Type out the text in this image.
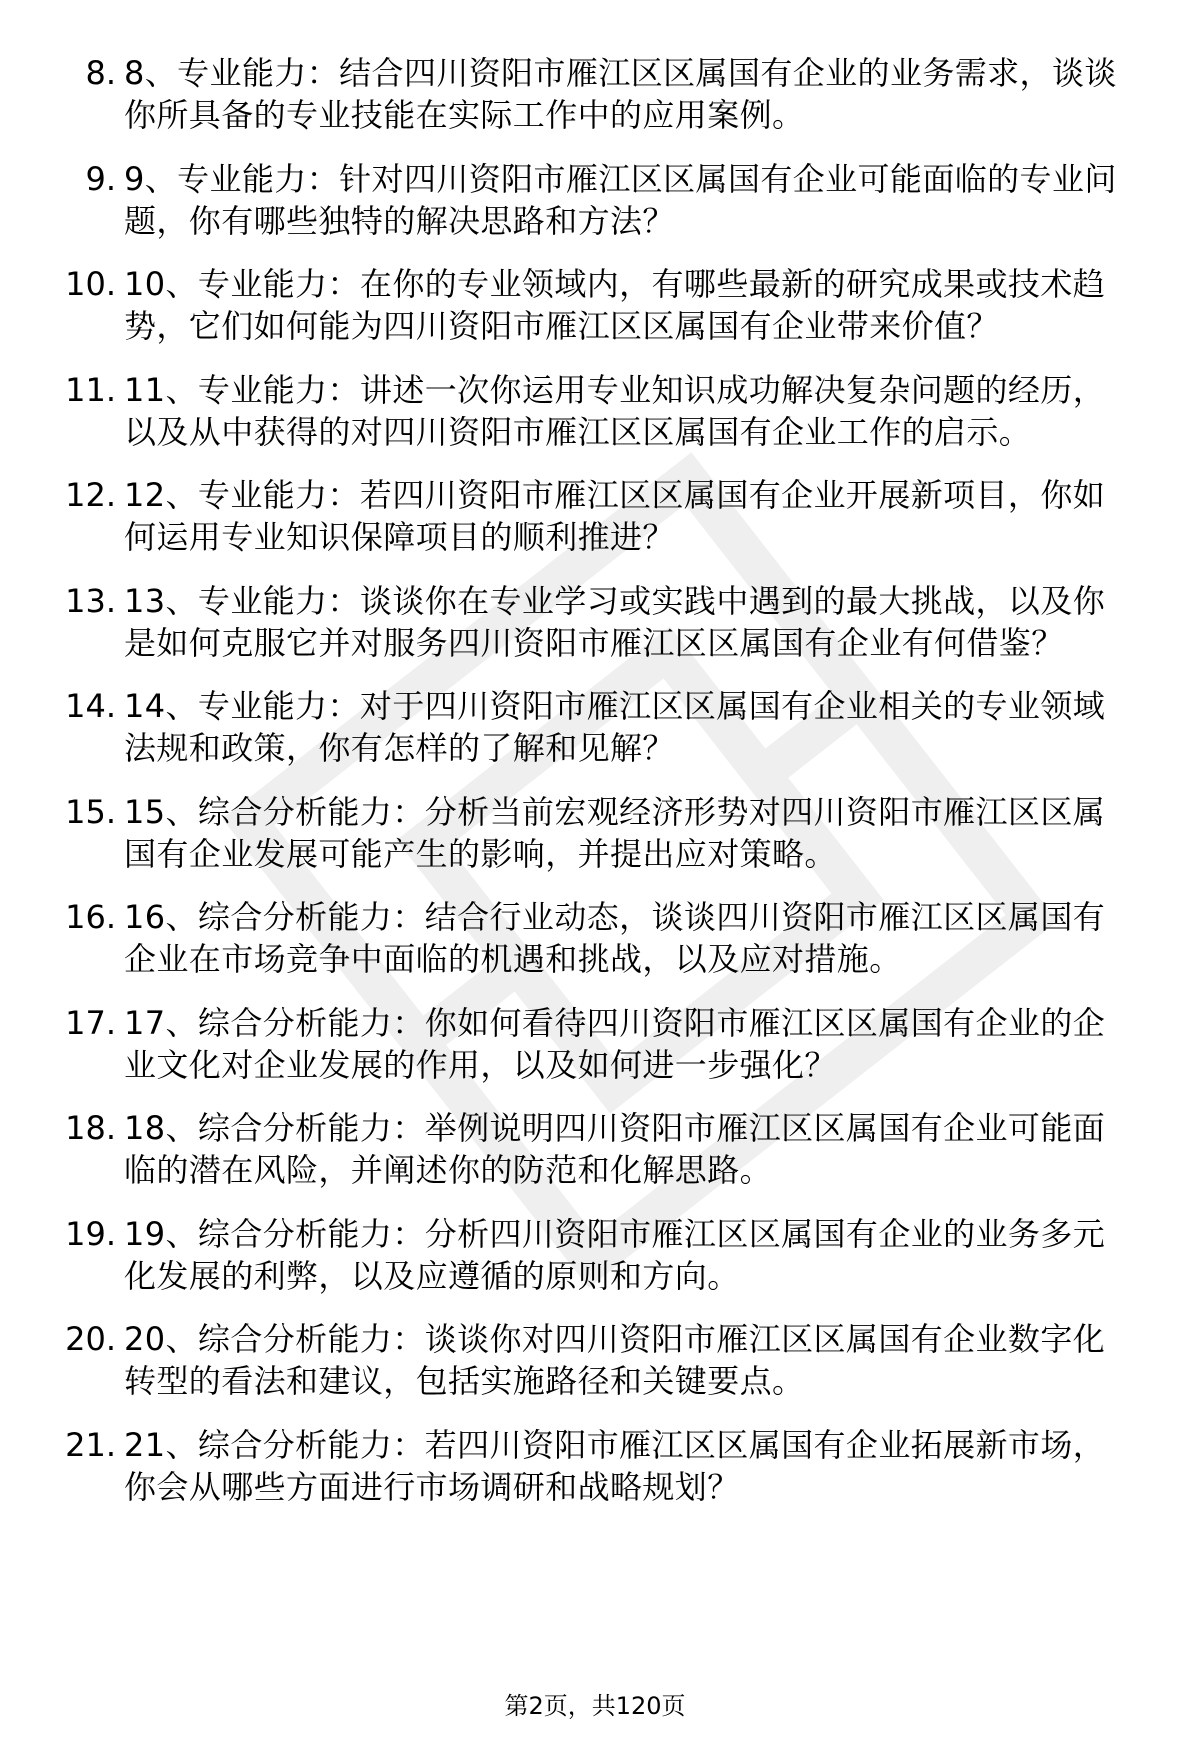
8. 8、专业能力：结合四川资阳市雁江区区属国有企业的业务需求，谈谈你所具备的专业技能在实际工作中的应用案例。
9. 9、专业能力：针对四川资阳市雁江区区属国有企业可能面临的专业问题，你有哪些独特的解决思路和方法？
10. 10、专业能力：在你的专业领域内，有哪些最新的研究成果或技术趋势，它们如何能为四川资阳市雁江区区属国有企业带来价值？
11. 11、专业能力：讲述一次你运用专业知识成功解决复杂问题的经历，以及从中获得的对四川资阳市雁江区区属国有企业工作的启示。
12. 12、专业能力：若四川资阳市雁江区区属国有企业开展新项目，你如何运用专业知识保障项目的顺利推进？
13. 13、专业能力：谈谈你在专业学习或实践中遇到的最大挑战，以及你是如何克服它并对服务四川资阳市雁江区区属国有企业有何借鉴？
14. 14、专业能力：对于四川资阳市雁江区区属国有企业相关的专业领域法规和政策，你有怎样的了解和见解？
15. 15、综合分析能力：分析当前宏观经济形势对四川资阳市雁江区区属国有企业发展可能产生的影响，并提出应对策略。
16. 16、综合分析能力：结合行业动态，谈谈四川资阳市雁江区区属国有企业在市场竞争中面临的机遇和挑战，以及应对措施。
17. 17、综合分析能力：你如何看待四川资阳市雁江区区属国有企业的企业文化对企业发展的作用，以及如何进一步强化？
18. 18、综合分析能力：举例说明四川资阳市雁江区区属国有企业可能面临的潜在风险，并阐述你的防范和化解思路。
19. 19、综合分析能力：分析四川资阳市雁江区区属国有企业的业务多元化发展的利弊，以及应遵循的原则和方向。
20. 20、综合分析能力：谈谈你对四川资阳市雁江区区属国有企业数字化转型的看法和建议，包括实施路径和关键要点。
21. 21、综合分析能力：若四川资阳市雁江区区属国有企业拓展新市场，你会从哪些方面进行市场调研和战略规划？
第2页，共120页
